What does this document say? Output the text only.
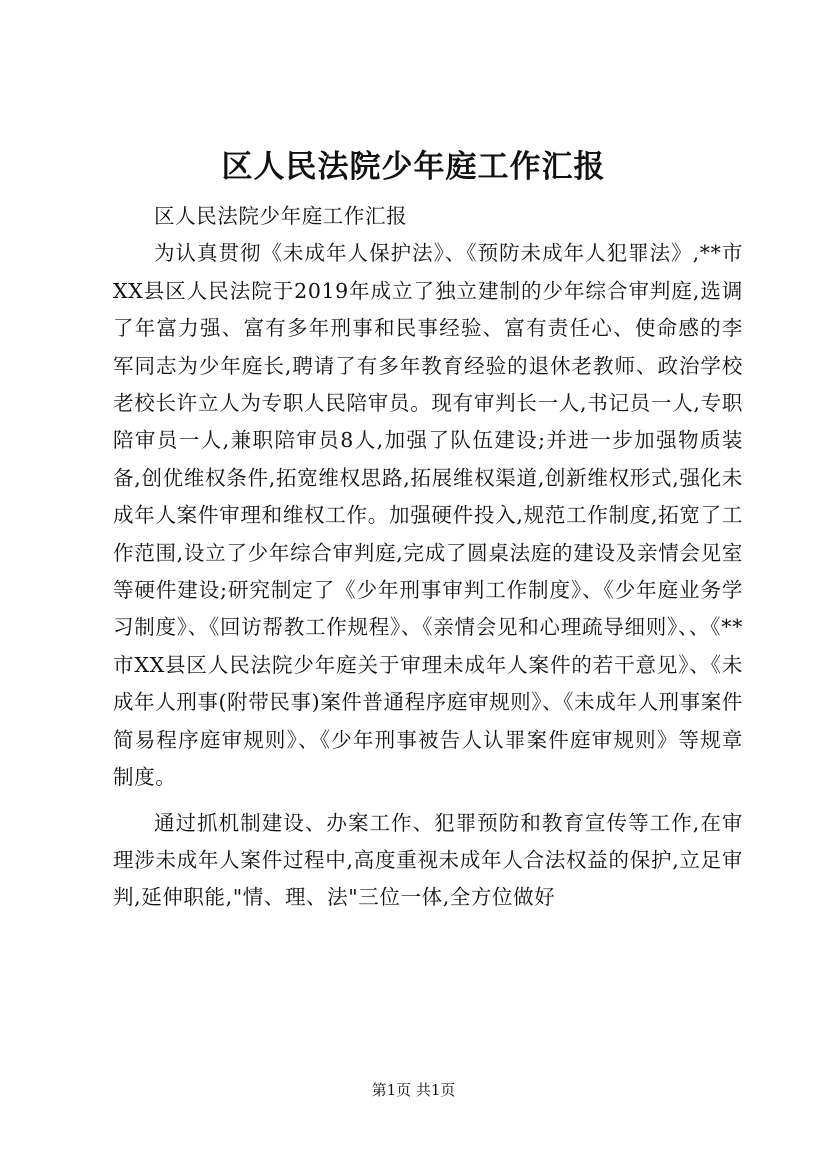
区人民法院少年庭工作汇报

区人民法院少年庭工作汇报

为认真贯彻《未成年人保护法》、《预防未成年人犯罪法》,**市XX县区人民法院于2019年成立了独立建制的少年综合审判庭,选调了年富力强、富有多年刑事和民事经验、富有责任心、使命感的李军同志为少年庭长,聘请了有多年教育经验的退休老教师、政治学校老校长许立人为专职人民陪审员。现有审判长一人,书记员一人,专职陪审员一人,兼职陪审员8人,加强了队伍建设;并进一步加强物质装备,创优维权条件,拓宽维权思路,拓展维权渠道,创新维权形式,强化未成年人案件审理和维权工作。加强硬件投入,规范工作制度,拓宽了工作范围,设立了少年综合审判庭,完成了圆桌法庭的建设及亲情会见室等硬件建设;研究制定了《少年刑事审判工作制度》、《少年庭业务学习制度》、《回访帮教工作规程》、《亲情会见和心理疏导细则》、、《**市XX县区人民法院少年庭关于审理未成年人案件的若干意见》、《未成年人刑事(附带民事)案件普通程序庭审规则》、《未成年人刑事案件简易程序庭审规则》、《少年刑事被告人认罪案件庭审规则》等规章制度。

通过抓机制建设、办案工作、犯罪预防和教育宣传等工作,在审理涉未成年人案件过程中,高度重视未成年人合法权益的保护,立足审判,延伸职能,"情、理、法"三位一体,全方位做好

第1页 共1页
